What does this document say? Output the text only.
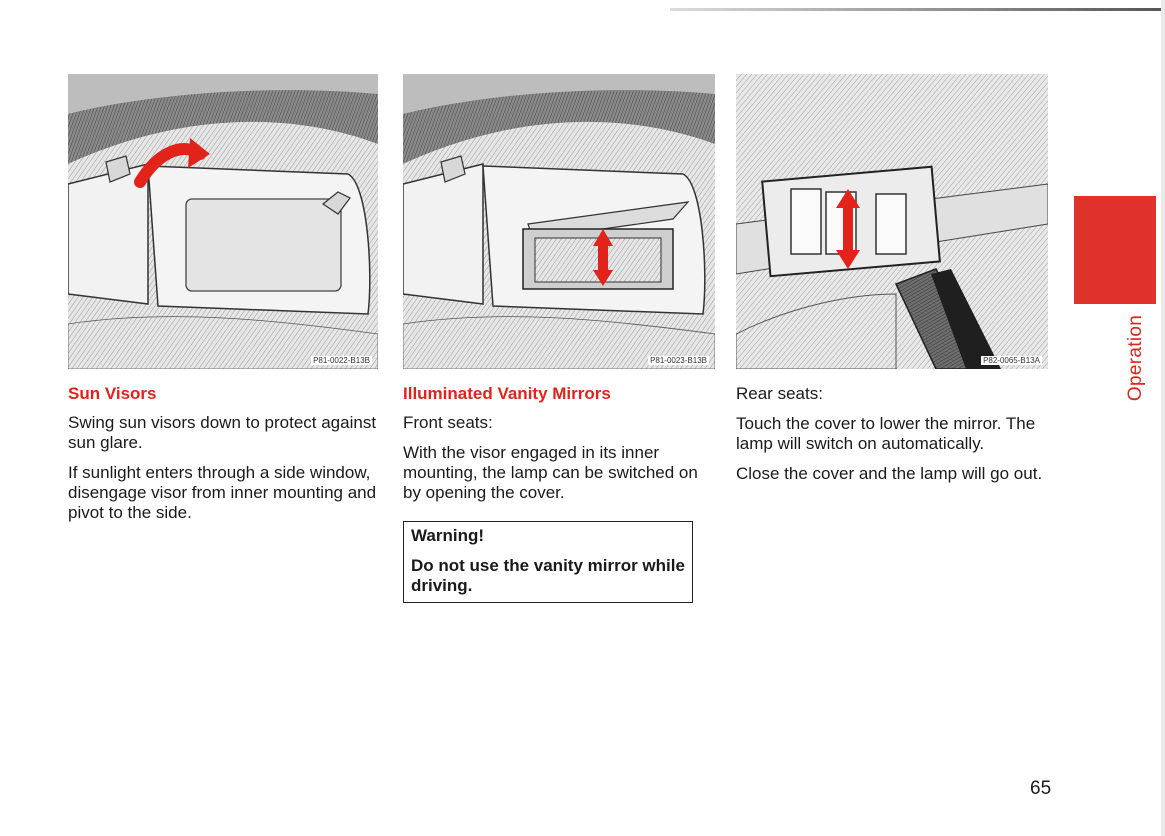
P81-0022-B13B	P81-0023-B13B	P82-0065-B13A
Sun Visors

Swing sun visors down to protect against sun glare.

If sunlight enters through a side window, disengage visor from inner mounting and pivot to the side.

Illuminated Vanity Mirrors

Front seats:

With the visor engaged in its inner mounting, the lamp can be switched on by opening the cover.

Warning!
Do not use the vanity mirror while driving.

Rear seats:

Touch the cover to lower the mirror. The lamp will switch on automatically.

Close the cover and the lamp will go out.

Operation
65
